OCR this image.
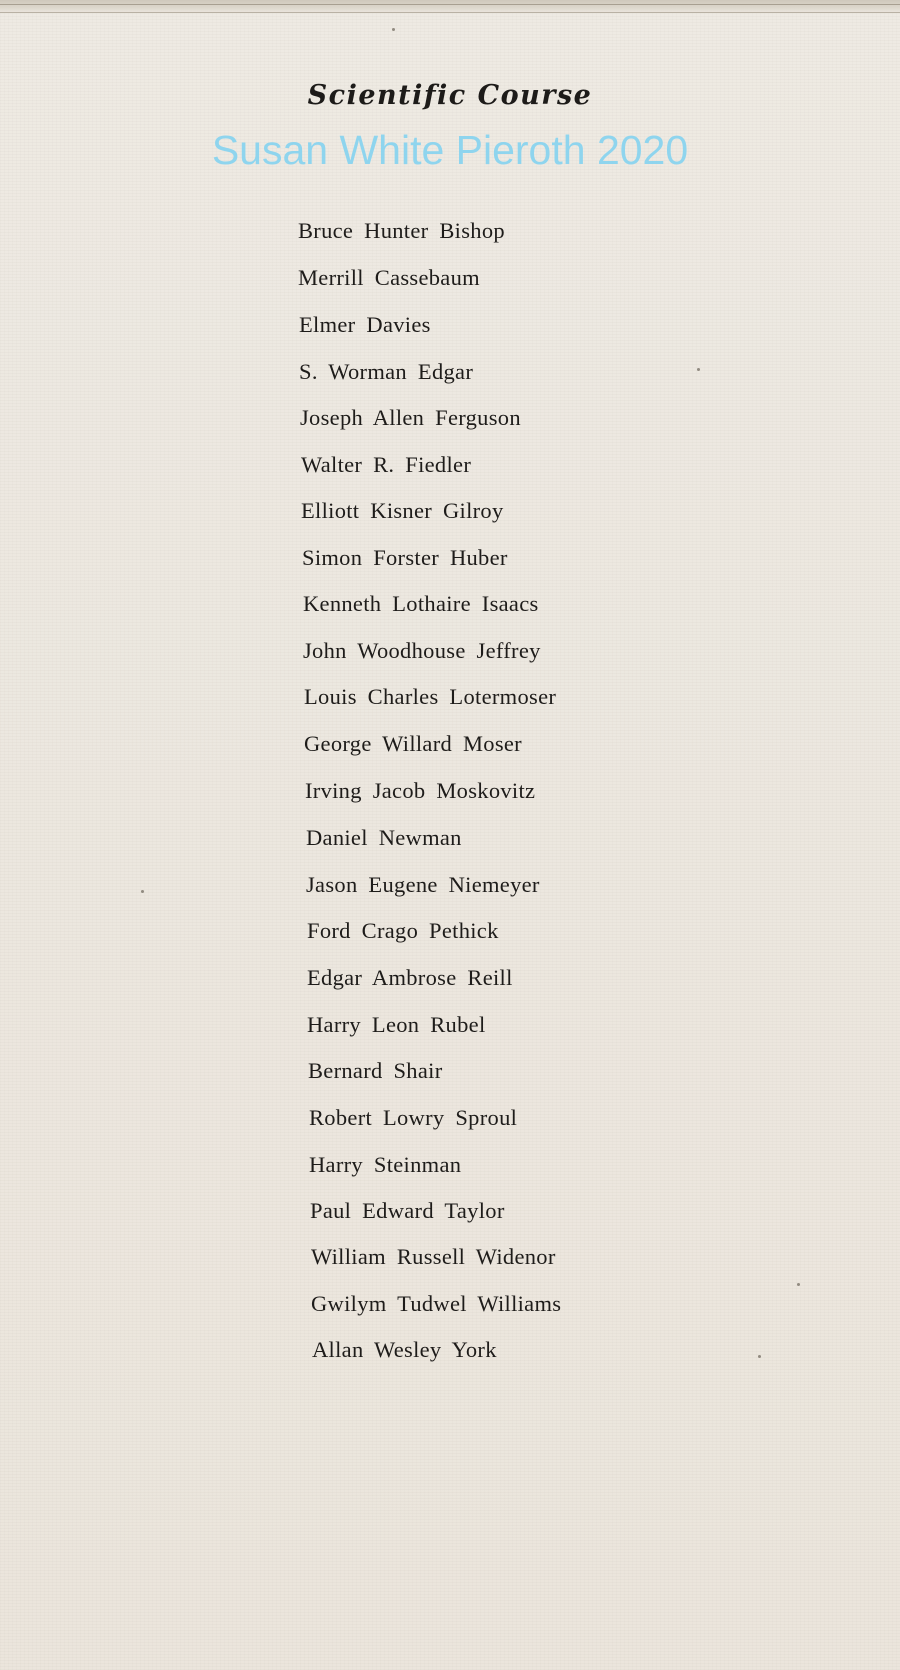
Scientific Course
Susan White Pieroth 2020
Bruce Hunter Bishop
Merrill Cassebaum
Elmer Davies
S. Worman Edgar
Joseph Allen Ferguson
Walter R. Fiedler
Elliott Kisner Gilroy
Simon Forster Huber
Kenneth Lothaire Isaacs
John Woodhouse Jeffrey
Louis Charles Lotermoser
George Willard Moser
Irving Jacob Moskovitz
Daniel Newman
Jason Eugene Niemeyer
Ford Crago Pethick
Edgar Ambrose Reill
Harry Leon Rubel
Bernard Shair
Robert Lowry Sproul
Harry Steinman
Paul Edward Taylor
William Russell Widenor
Gwilym Tudwel Williams
Allan Wesley York
